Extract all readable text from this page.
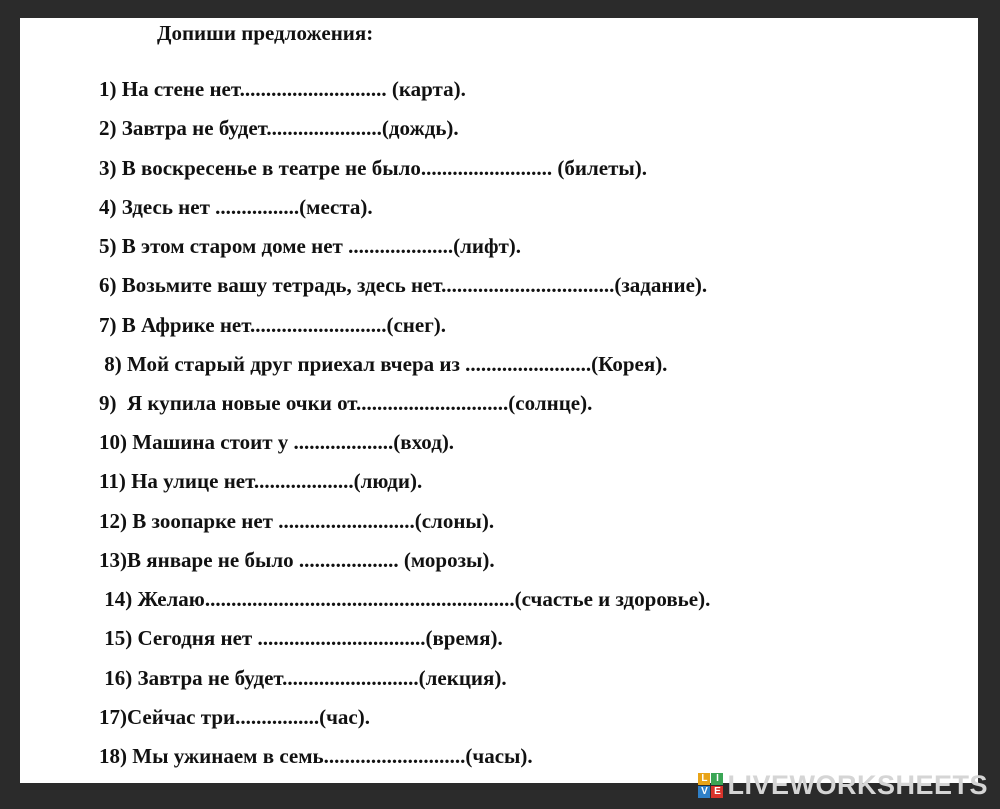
Допиши предложения:
1) На стене нет............................ (карта).
2) Завтра не будет......................(дождь).
3) В воскресенье в театре не было......................... (билеты).
4) Здесь нет ................(места).
5) В этом старом доме нет ....................(лифт).
6) Возьмите вашу тетрадь, здесь нет.................................(задание).
7) В Африке нет..........................(снег).
8) Мой старый друг приехал вчера из ........................(Корея).
9)  Я купила новые очки от.............................(солнце).
10) Машина стоит у ...................(вход).
11) На улице нет...................(люди).
12) В зоопарке нет ..........................(слоны).
13)В январе не было ................... (морозы).
14) Желаю...........................................................(счастье и здоровье).
15) Сегодня нет ................................(время).
16) Завтра не будет..........................(лекция).
17)Сейчас три................(час).
18) Мы ужинаем в семь...........................(часы).
L I
V E LIVEWORKSHEETS
